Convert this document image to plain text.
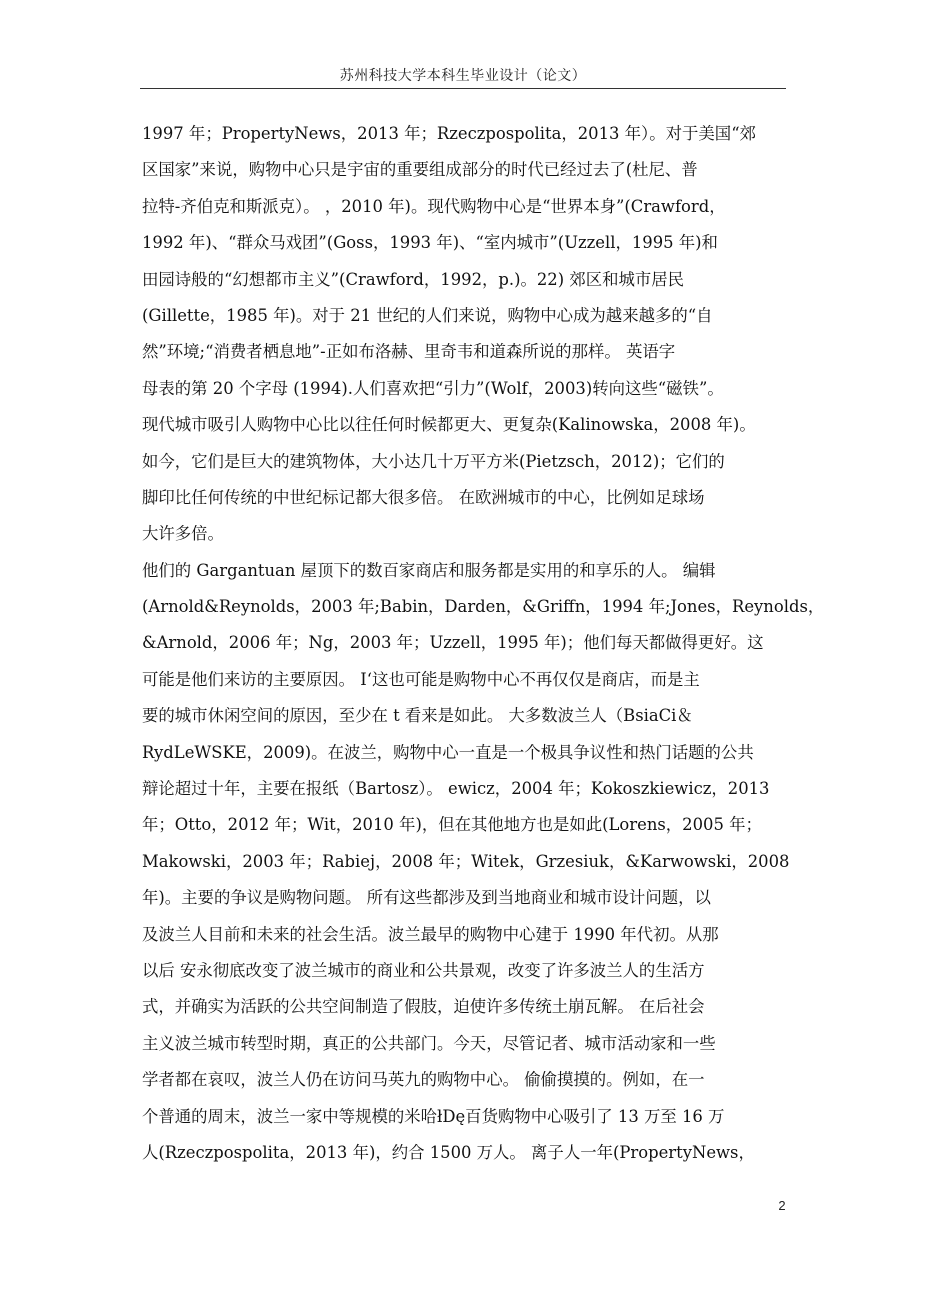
苏州科技大学本科生毕业设计（论文）
1997 年；PropertyNews，2013 年；Rzeczpospolita，2013 年）。对于美国“郊
区国家”来说，购物中心只是宇宙的重要组成部分的时代已经过去了(杜尼、普
拉特-齐伯克和斯派克）。 ，2010 年)。现代购物中心是“世界本身”(Crawford，
1992 年)、“群众马戏团”(Goss，1993 年)、“室内城市”(Uzzell，1995 年)和
田园诗般的“幻想都市主义”(Crawford，1992，p.)。22) 郊区和城市居民
(Gillette，1985 年)。对于 21 世纪的人们来说，购物中心成为越来越多的“自
然”环境;“消费者栖息地”-正如布洛赫、里奇韦和道森所说的那样。 英语字
母表的第 20 个字母 (1994).人们喜欢把“引力”(Wolf，2003)转向这些“磁铁”。
现代城市吸引人购物中心比以往任何时候都更大、更复杂(Kalinowska，2008 年)。
如今，它们是巨大的建筑物体，大小达几十万平方米(Pietzsch，2012)；它们的
脚印比任何传统的中世纪标记都大很多倍。 在欧洲城市的中心，比例如足球场
大许多倍。
他们的 Gargantuan 屋顶下的数百家商店和服务都是实用的和享乐的人。 编辑
(Arnold&Reynolds，2003 年;Babin，Darden，&Griffn，1994 年;Jones，Reynolds，
&Arnold，2006 年；Ng，2003 年；Uzzell，1995 年)；他们每天都做得更好。这
可能是他们来访的主要原因。 I‘这也可能是购物中心不再仅仅是商店，而是主
要的城市休闲空间的原因，至少在 t 看来是如此。 大多数波兰人（BsiaCi＆
RydLeWSKE，2009)。在波兰，购物中心一直是一个极具争议性和热门话题的公共
辩论超过十年，主要在报纸（Bartosz）。 ewicz，2004 年；Kokoszkiewicz，2013
年；Otto，2012 年；Wit，2010 年)，但在其他地方也是如此(Lorens，2005 年；
Makowski，2003 年；Rabiej，2008 年；Witek，Grzesiuk，&Karwowski，2008
年)。主要的争议是购物问题。 所有这些都涉及到当地商业和城市设计问题，以
及波兰人目前和未来的社会生活。波兰最早的购物中心建于 1990 年代初。从那
以后 安永彻底改变了波兰城市的商业和公共景观，改变了许多波兰人的生活方
式，并确实为活跃的公共空间制造了假肢，迫使许多传统土崩瓦解。 在后社会
主义波兰城市转型时期，真正的公共部门。今天，尽管记者、城市活动家和一些
学者都在哀叹，波兰人仍在访问马英九的购物中心。 偷偷摸摸的。例如，在一
个普通的周末，波兰一家中等规模的米哈łDę百货购物中心吸引了 13 万至 16 万
人(Rzeczpospolita，2013 年)，约合 1500 万人。 离子人一年(PropertyNews，
2
